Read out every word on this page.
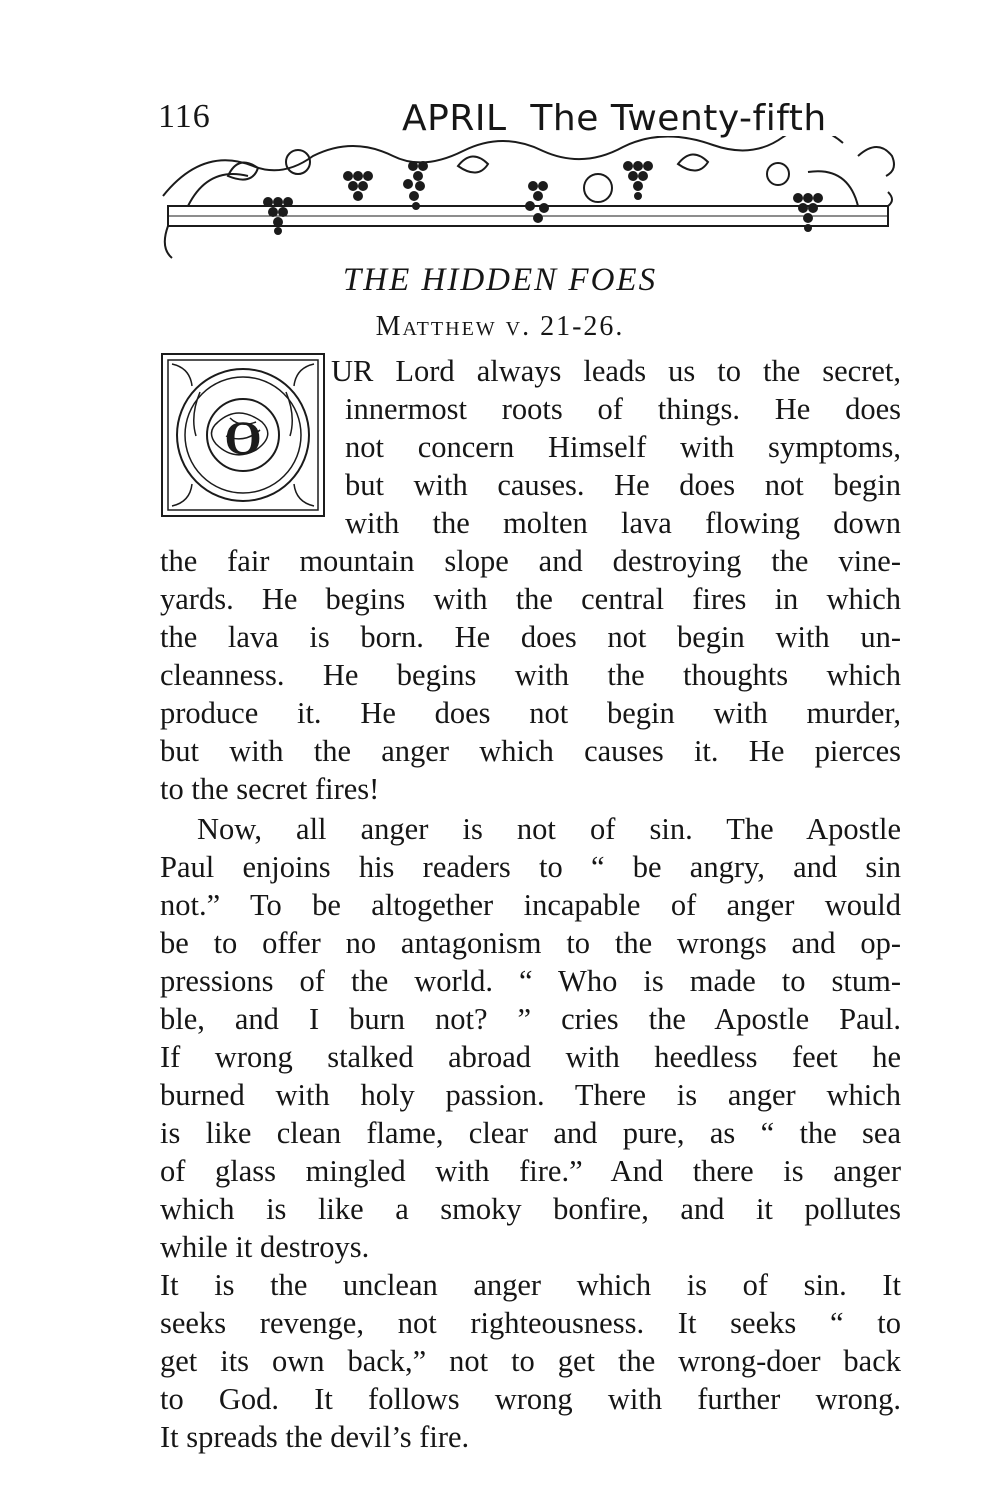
116	APRIL The Twenty-fifth
THE HIDDEN FOES
Matthew v. 21-26.
O
UR Lord always leads us to the secret,
innermost roots of things. He does
not concern Himself with symptoms,
but with causes. He does not begin
with the molten lava flowing down
the fair mountain slope and destroying the vine-
yards. He begins with the central fires in which
the lava is born. He does not begin with un-
cleanness. He begins with the thoughts which
produce it. He does not begin with murder,
but with the anger which causes it. He pierces
to the secret fires!
Now, all anger is not of sin. The Apostle
Paul enjoins his readers to “ be angry, and sin
not.” To be altogether incapable of anger would
be to offer no antagonism to the wrongs and op-
pressions of the world. “ Who is made to stum-
ble, and I burn not? ” cries the Apostle Paul.
If wrong stalked abroad with heedless feet he
burned with holy passion. There is anger which
is like clean flame, clear and pure, as “ the sea
of glass mingled with fire.” And there is anger
which is like a smoky bonfire, and it pollutes
while it destroys.
It is the unclean anger which is of sin. It
seeks revenge, not righteousness. It seeks “ to
get its own back,” not to get the wrong-doer back
to God. It follows wrong with further wrong.
It spreads the devil’s fire.
